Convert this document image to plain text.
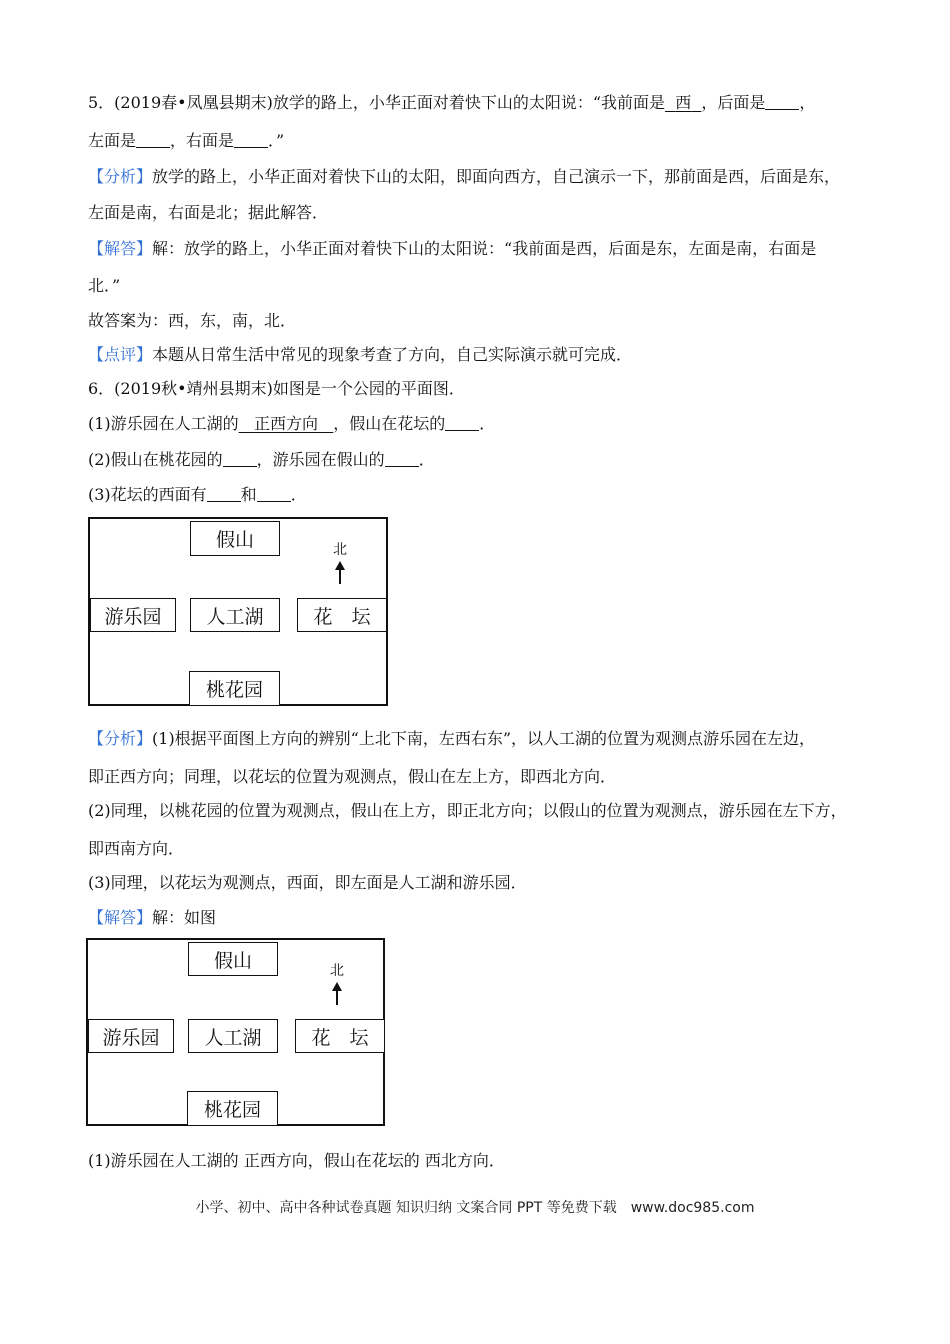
5．(2019春•凤凰县期末)放学的路上，小华正面对着快下山的太阳说：“我前面是 西 ，后面是 ，
左面是 ，右面是 ．”
【分析】放学的路上，小华正面对着快下山的太阳，即面向西方，自己演示一下，那前面是西，后面是东，
左面是南，右面是北；据此解答．
【解答】解：放学的路上，小华正面对着快下山的太阳说：“我前面是西，后面是东，左面是南，右面是
北．”
故答案为：西，东，南，北．
【点评】本题从日常生活中常见的现象考查了方向，自己实际演示就可完成．
6．(2019秋•靖州县期末)如图是一个公园的平面图．
(1)游乐园在人工湖的 正西方向 ，假山在花坛的 ．
(2)假山在桃花园的 ，游乐园在假山的 ．
(3)花坛的西面有 和 ．
假山	北
游乐园	人工湖	花　坛
桃花园
【分析】(1)根据平面图上方向的辨别“上北下南，左西右东”，以人工湖的位置为观测点游乐园在左边，
即正西方向；同理，以花坛的位置为观测点，假山在左上方，即西北方向．
(2)同理，以桃花园的位置为观测点，假山在上方，即正北方向；以假山的位置为观测点，游乐园在左下方，
即西南方向．
(3)同理，以花坛为观测点，西面，即左面是人工湖和游乐园．
【解答】解：如图
假山	北
游乐园	人工湖	花　坛
桃花园
(1)游乐园在人工湖的 正西方向，假山在花坛的 西北方向．
小学、初中、高中各种试卷真题 知识归纳 文案合同 PPT 等免费下载　www.doc985.com
